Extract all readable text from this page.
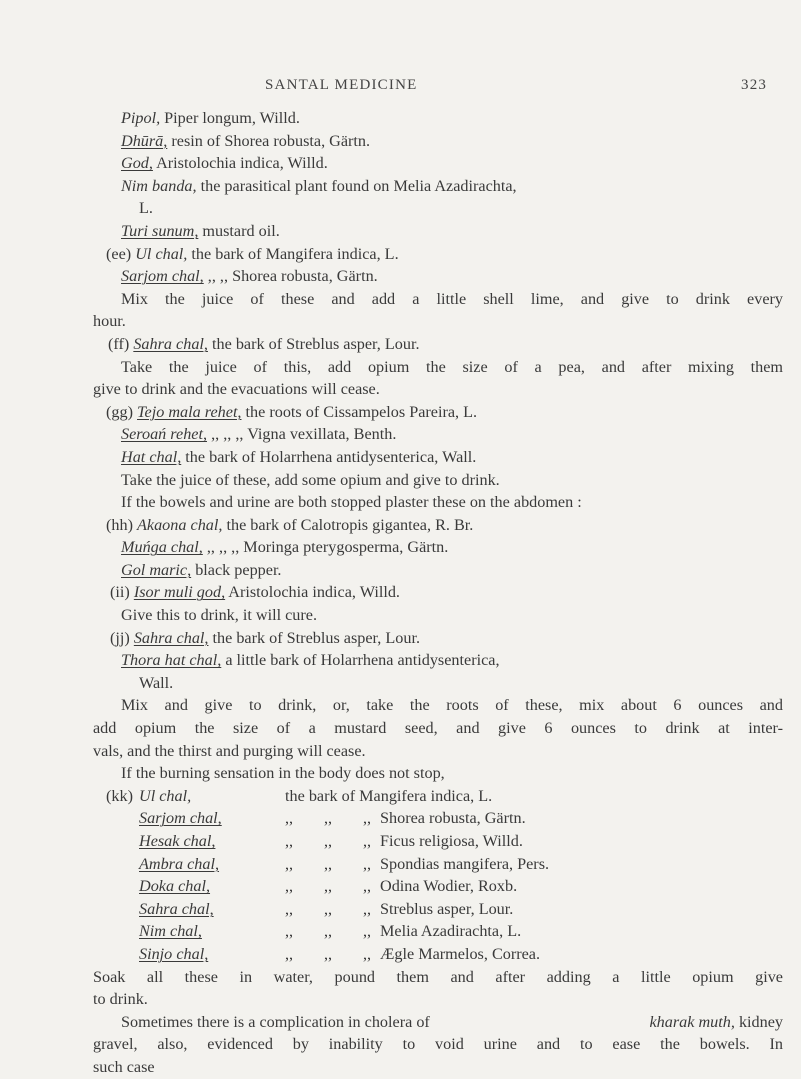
SANTAL MEDICINE	323
Pipol, Piper longum, Willd.
Dhūrā, resin of Shorea robusta, Gärtn.
God, Aristolochia indica, Willd.
Nim banda, the parasitical plant found on Melia Azadirachta,
L.
Turi sunum, mustard oil.
(ee) Ul chal, the bark of Mangifera indica, L.
Sarjom chal, ,, ,, Shorea robusta, Gärtn.
Mix the juice of these and add a little shell lime, and give to drink every
hour.
(ff) Sahra chal, the bark of Streblus asper, Lour.
Take the juice of this, add opium the size of a pea, and after mixing them
give to drink and the evacuations will cease.
(gg) Tejo mala rehet, the roots of Cissampelos Pareira, L.
Seroań rehet, ,, ,, ,, Vigna vexillata, Benth.
Hat chal, the bark of Holarrhena antidysenterica, Wall.
Take the juice of these, add some opium and give to drink.
If the bowels and urine are both stopped plaster these on the abdomen :
(hh) Akaona chal, the bark of Calotropis gigantea, R. Br.
Muńga chal, ,, ,, ,, Moringa pterygosperma, Gärtn.
Gol maric, black pepper.
(ii) Isor muli god, Aristolochia indica, Willd.
Give this to drink, it will cure.
(jj) Sahra chal, the bark of Streblus asper, Lour.
Thora hat chal, a little bark of Holarrhena antidysenterica,
Wall.
Mix and give to drink, or, take the roots of these, mix about 6 ounces and
add opium the size of a mustard seed, and give 6 ounces to drink at inter-
vals, and the thirst and purging will cease.
If the burning sensation in the body does not stop,
(kk) Ul chal,	the bark of Mangifera indica, L.
Sarjom chal,	,, ,, ,, Shorea robusta, Gärtn.
Hesak chal,	,, ,, ,, Ficus religiosa, Willd.
Ambra chal,	,, ,, ,, Spondias mangifera, Pers.
Doka chal,	,, ,, ,, Odina Wodier, Roxb.
Sahra chal,	,, ,, ,, Streblus asper, Lour.
Nim chal,	,, ,, ,, Melia Azadirachta, L.
Sinjo chal,	,, ,, ,, Ægle Marmelos, Correa.
Soak all these in water, pound them and after adding a little opium give
to drink.
Sometimes there is a complication in cholera of	kharak muth, kidney
gravel, also, evidenced by inability to void urine and to ease the bowels. In
such case
